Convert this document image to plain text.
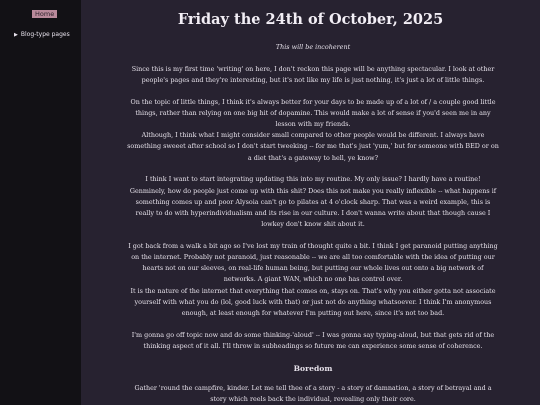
Home
▶ Blog-type pages
Friday the 24th of October, 2025

This will be incoherent

Since this is my first time 'writing' on here, I don't reckon this page will be anything spectacular. I look at other people's pages and they're interesting, but it's not like my life is just nothing, it's just a lot of little things.

On the topic of little things, I think it's always better for your days to be made up of a lot of / a couple good little things, rather than relying on one big hit of dopamine. This would make a lot of sense if you'd seen me in any lesson with my friends.
Although, I think what I might consider small compared to other people would be different. I always have something sweeet after school so I don't start tweeking -- for me that's just 'yum,' but for someone with BED or on a diet that's a gateway to hell, ye know?

I think I want to start integrating updating this into my routine. My only issue? I hardly have a routine!
Genminely, how do people just come up with this shit? Does this not make you really inflexible -- what happens if something comes up and poor Alysoia can't go to pilates at 4 o'clock sharp. That was a weird example, this is really to do with hyperindividualism and its rise in our culture. I don't wanna write about that though cause I lowkey don't know shit about it.

I got back from a walk a bit ago so I've lost my train of thought quite a bit. I think I get paranoid putting anything on the internet. Probably not paranoid, just reasonable -- we are all too comfortable with the idea of putting our hearts not on our sleeves, on real-life human being, but putting our whole lives out onto a big network of networks. A giant WAN, which no one has control over.
It is the nature of the internet that everything that comes on, stays on. That's why you either gotta not associate yourself with what you do (lol, good luck with that) or just not do anything whatsoever. I think I'm anonymous enough, at least enough for whatever I'm putting out here, since it's not too bad.

I'm gonna go off topic now and do some thinking-'aloud' -- I was gonna say typing-aloud, but that gets rid of the thinking aspect of it all. I'll throw in subheadings so future me can experience some sense of coherence.

Boredom

Gather 'round the campfire, kinder. Let me tell thee of a story - a story of damnation, a story of betrayal and a story which reels back the individual, revealing only their core.
